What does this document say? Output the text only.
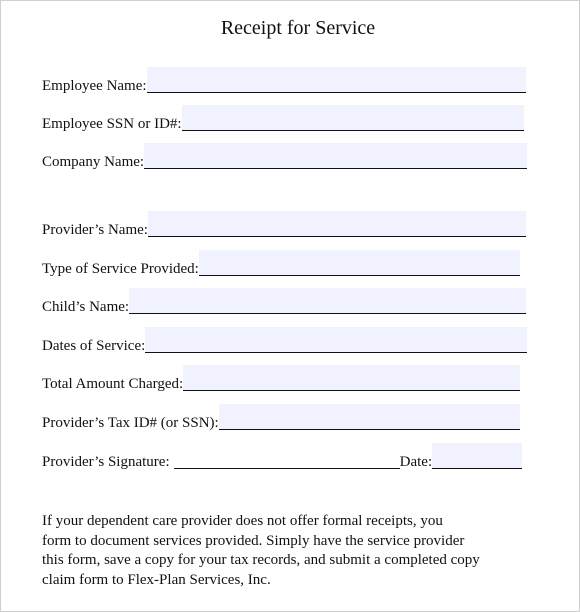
Receipt for Service
Employee Name:
Employee SSN or ID#:
Company Name:
Provider’s Name:
Type of Service Provided:
Child’s Name:
Dates of Service:
Total Amount Charged:
Provider’s Tax ID# (or SSN):
Provider’s Signature:	Date:
If your dependent care provider does not offer formal receipts, you
form to document services provided. Simply have the service provider
this form, save a copy for your tax records, and submit a completed copy
claim form to Flex-Plan Services, Inc.
